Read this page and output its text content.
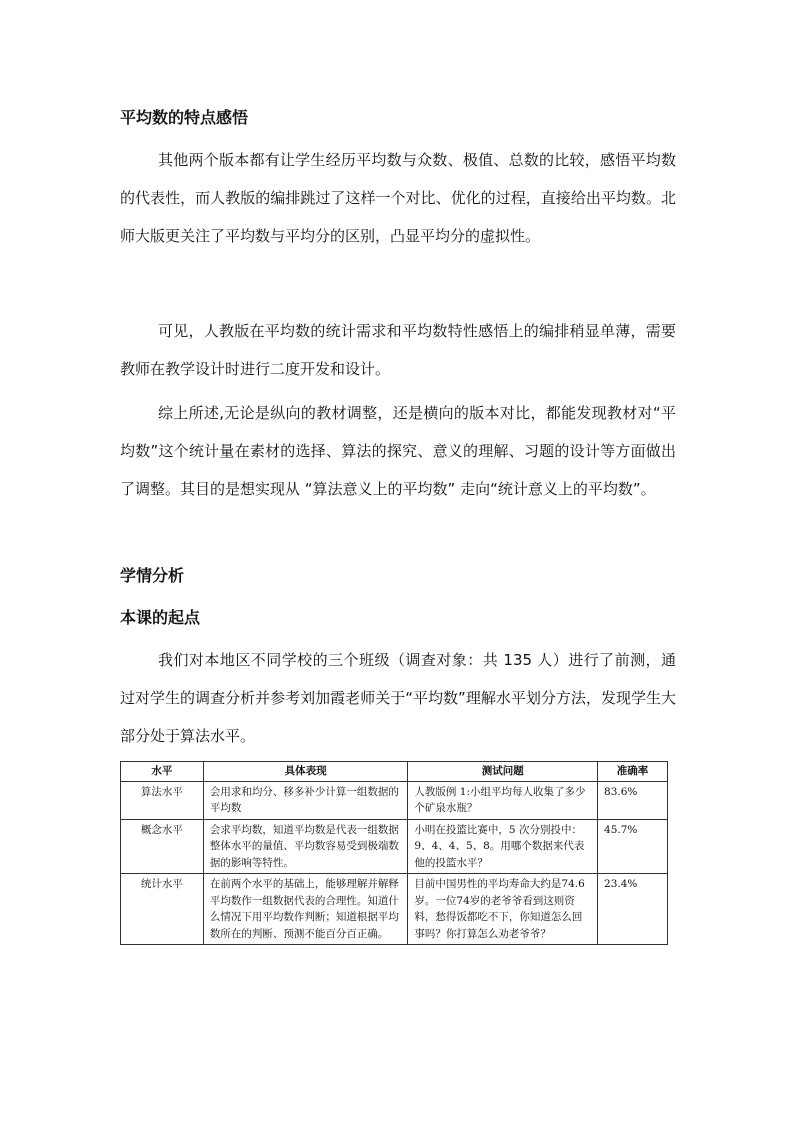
平均数的特点感悟

其他两个版本都有让学生经历平均数与众数、极值、总数的比较，感悟平均数的代表性，而人教版的编排跳过了这样一个对比、优化的过程，直接给出平均数。北师大版更关注了平均数与平均分的区别，凸显平均分的虚拟性。

可见，人教版在平均数的统计需求和平均数特性感悟上的编排稍显单薄，需要教师在教学设计时进行二度开发和设计。

综上所述,无论是纵向的教材调整，还是横向的版本对比，都能发现教材对“平均数”这个统计量在素材的选择、算法的探究、意义的理解、习题的设计等方面做出了调整。其目的是想实现从 “算法意义上的平均数” 走向“统计意义上的平均数”。

学情分析
本课的起点

我们对本地区不同学校的三个班级（调查对象：共 135 人）进行了前测，通过对学生的调查分析并参考刘加霞老师关于“平均数”理解水平划分方法，发现学生大部分处于算法水平。

水平	具体表现	测试问题	准确率
算法水平	会用求和均分、移多补少计算一组数据的平均数	人教版例 1:小组平均每人收集了多少个矿泉水瓶？	83.6%
概念水平	会求平均数，知道平均数是代表一组数据整体水平的量值、平均数容易受到极端数据的影响等特性。	小明在投篮比赛中，5 次分别投中：9、4、4、5、8。用哪个数据来代表他的投篮水平？	45.7%
统计水平	在前两个水平的基础上，能够理解并解释平均数作一组数据代表的合理性。知道什么情况下用平均数作判断；知道根据平均数所在的判断、预测不能百分百正确。	目前中国男性的平均寿命大约是74.6岁。一位74岁的老爷爷看到这则资料，愁得饭都吃不下，你知道怎么回事吗？你打算怎么劝老爷爷？	23.4%
